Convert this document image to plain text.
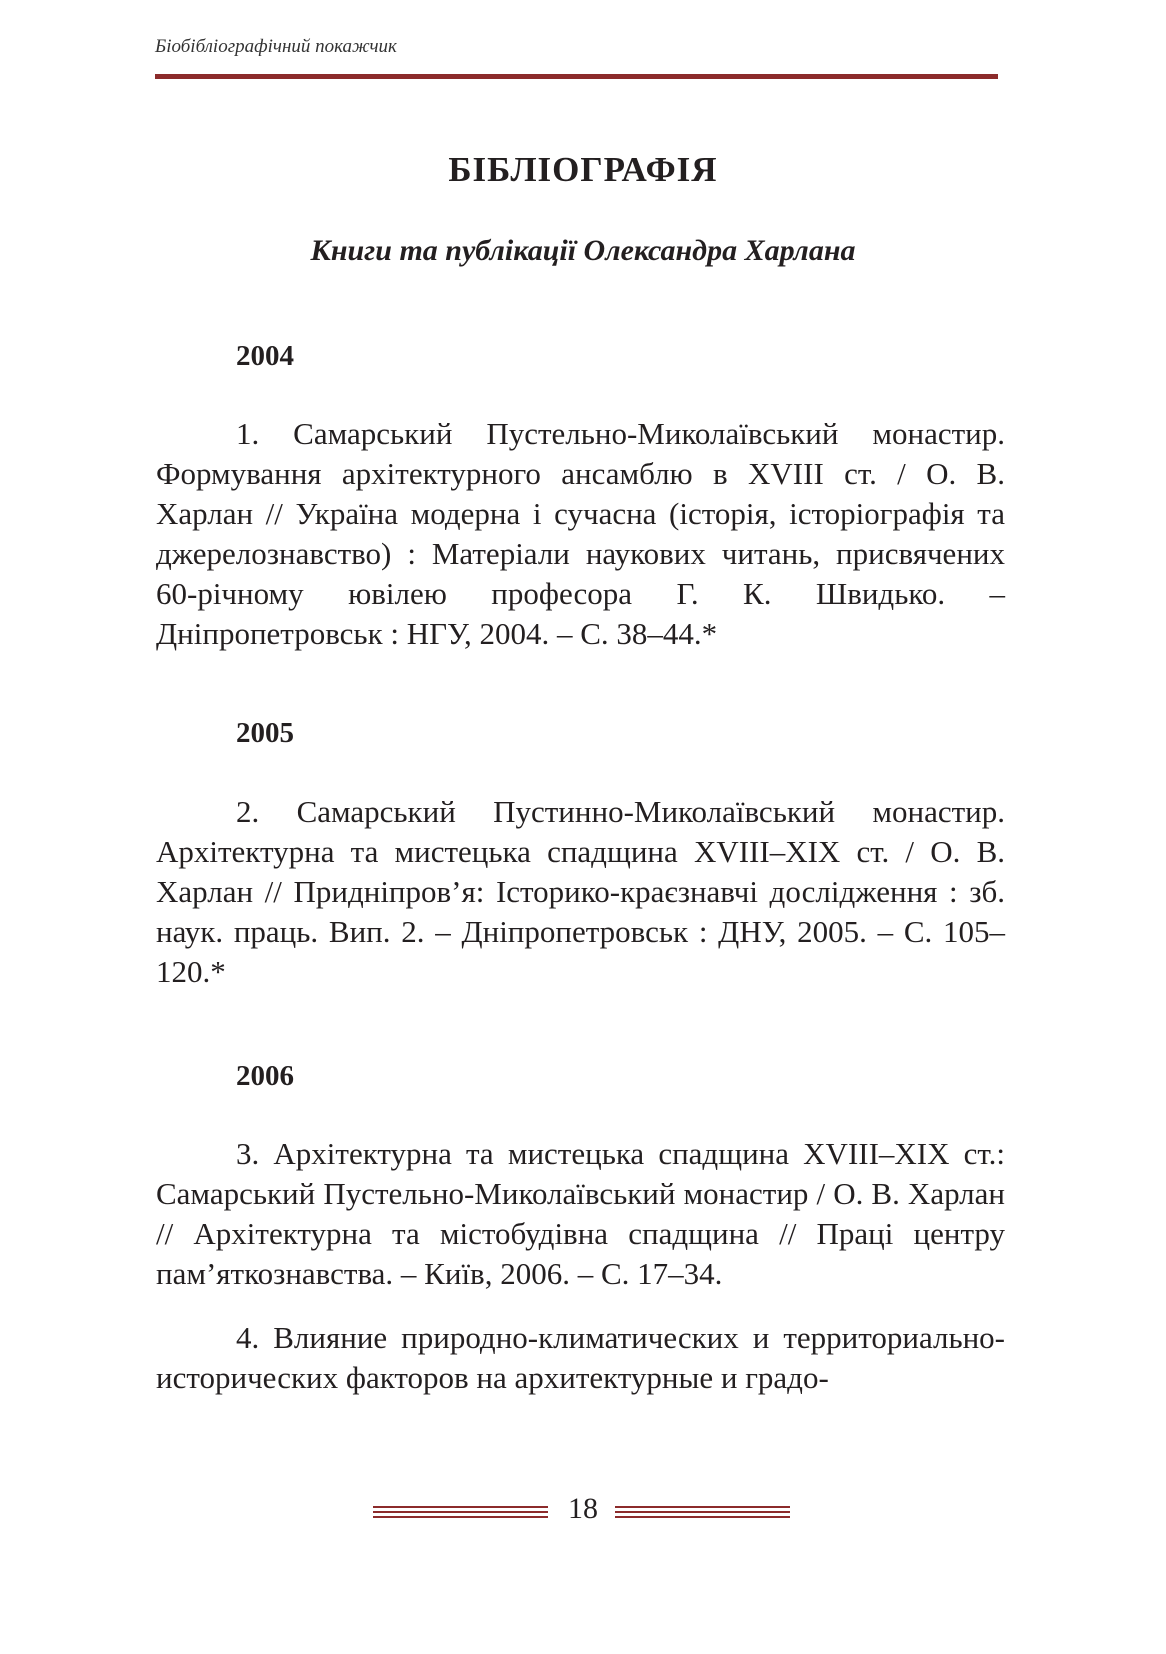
Біобібліографічний покажчик
БІБЛІОГРАФІЯ
Книги та публікації Олександра Харлана
2004

1. Самарський Пустельно-Миколаївський монастир. Формування архітектурного ансамблю в XVIII ст. / О. В. Харлан // Україна модерна і сучасна (історія, історіографія та джерелознавство) : Матеріали наукових читань, присвячених 60-річному ювілею професора Г. К. Швидько. – Дніпропетровськ : НГУ, 2004. – С. 38–44.*

2005

2. Самарський Пустинно-Миколаївський монастир. Архітектурна та мистецька спадщина XVIII–XIX ст. / О. В. Харлан // Придніпров’я: Історико-краєзнавчі дослідження : зб. наук. праць. Вип. 2. – Дніпропетровськ : ДНУ, 2005. – С. 105–120.*

2006

3. Архітектурна та мистецька спадщина XVIII–XIX ст.: Самарський Пустельно-Миколаївський монастир / О. В. Харлан // Архітектурна та містобудівна спадщина // Праці центру пам’яткознавства. – Київ, 2006. – С. 17–34.

4. Влияние природно-климатических и территориально-исторических факторов на архитектурные и градо-

18
